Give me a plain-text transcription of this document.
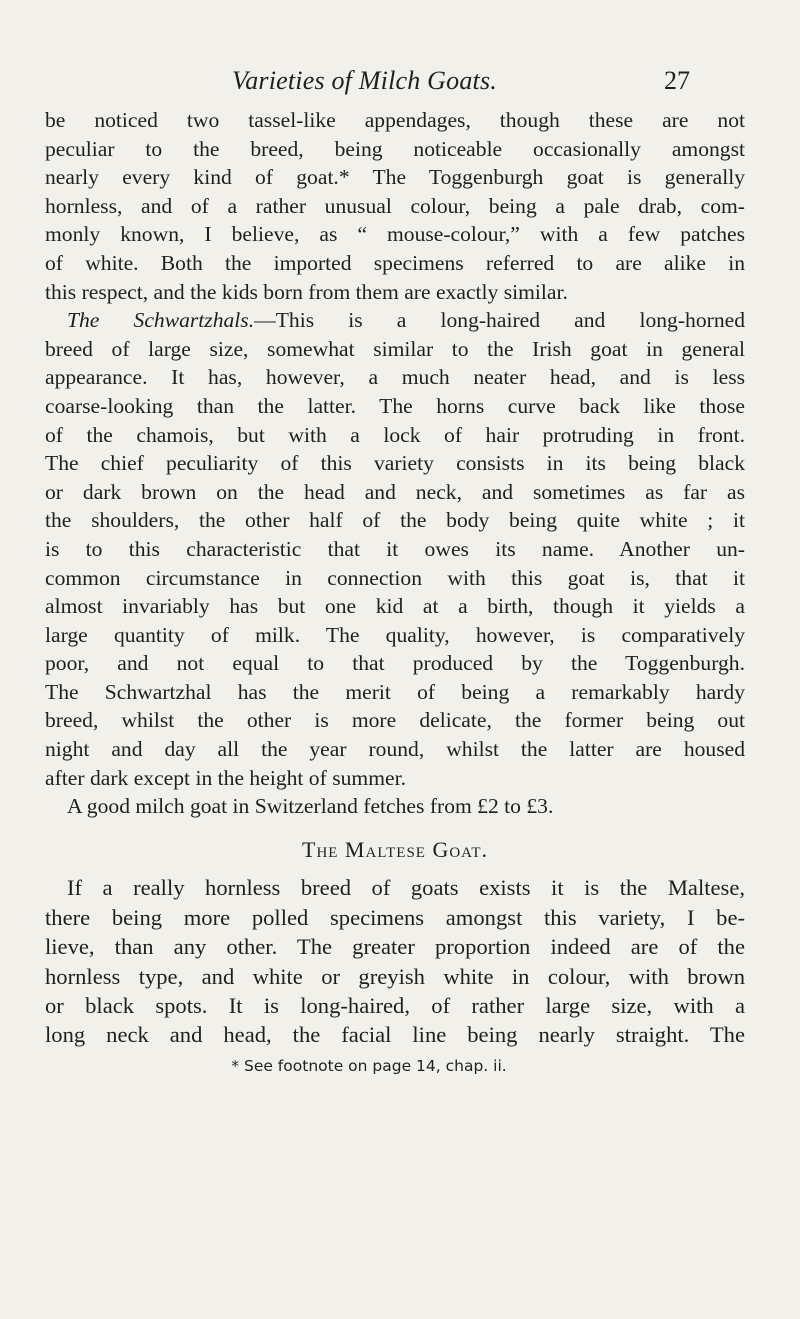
Varieties of Milch Goats.	27
be noticed two tassel-like appendages, though these are not
peculiar to the breed, being noticeable occasionally amongst
nearly every kind of goat.* The Toggenburgh goat is generally
hornless, and of a rather unusual colour, being a pale drab, com-
monly known, I believe, as “ mouse-colour,” with a few patches
of white. Both the imported specimens referred to are alike in
this respect, and the kids born from them are exactly similar.
The Schwartzhals.—This is a long-haired and long-horned
breed of large size, somewhat similar to the Irish goat in general
appearance. It has, however, a much neater head, and is less
coarse-looking than the latter. The horns curve back like those
of the chamois, but with a lock of hair protruding in front.
The chief peculiarity of this variety consists in its being black
or dark brown on the head and neck, and sometimes as far as
the shoulders, the other half of the body being quite white ; it
is to this characteristic that it owes its name. Another un-
common circumstance in connection with this goat is, that it
almost invariably has but one kid at a birth, though it yields a
large quantity of milk. The quality, however, is comparatively
poor, and not equal to that produced by the Toggenburgh.
The Schwartzhal has the merit of being a remarkably hardy
breed, whilst the other is more delicate, the former being out
night and day all the year round, whilst the latter are housed
after dark except in the height of summer.
A good milch goat in Switzerland fetches from £2 to £3.
The Maltese Goat.
If a really hornless breed of goats exists it is the Maltese,
there being more polled specimens amongst this variety, I be-
lieve, than any other. The greater proportion indeed are of the
hornless type, and white or greyish white in colour, with brown
or black spots. It is long-haired, of rather large size, with a
long neck and head, the facial line being nearly straight. The
* See footnote on page 14, chap. ii.
